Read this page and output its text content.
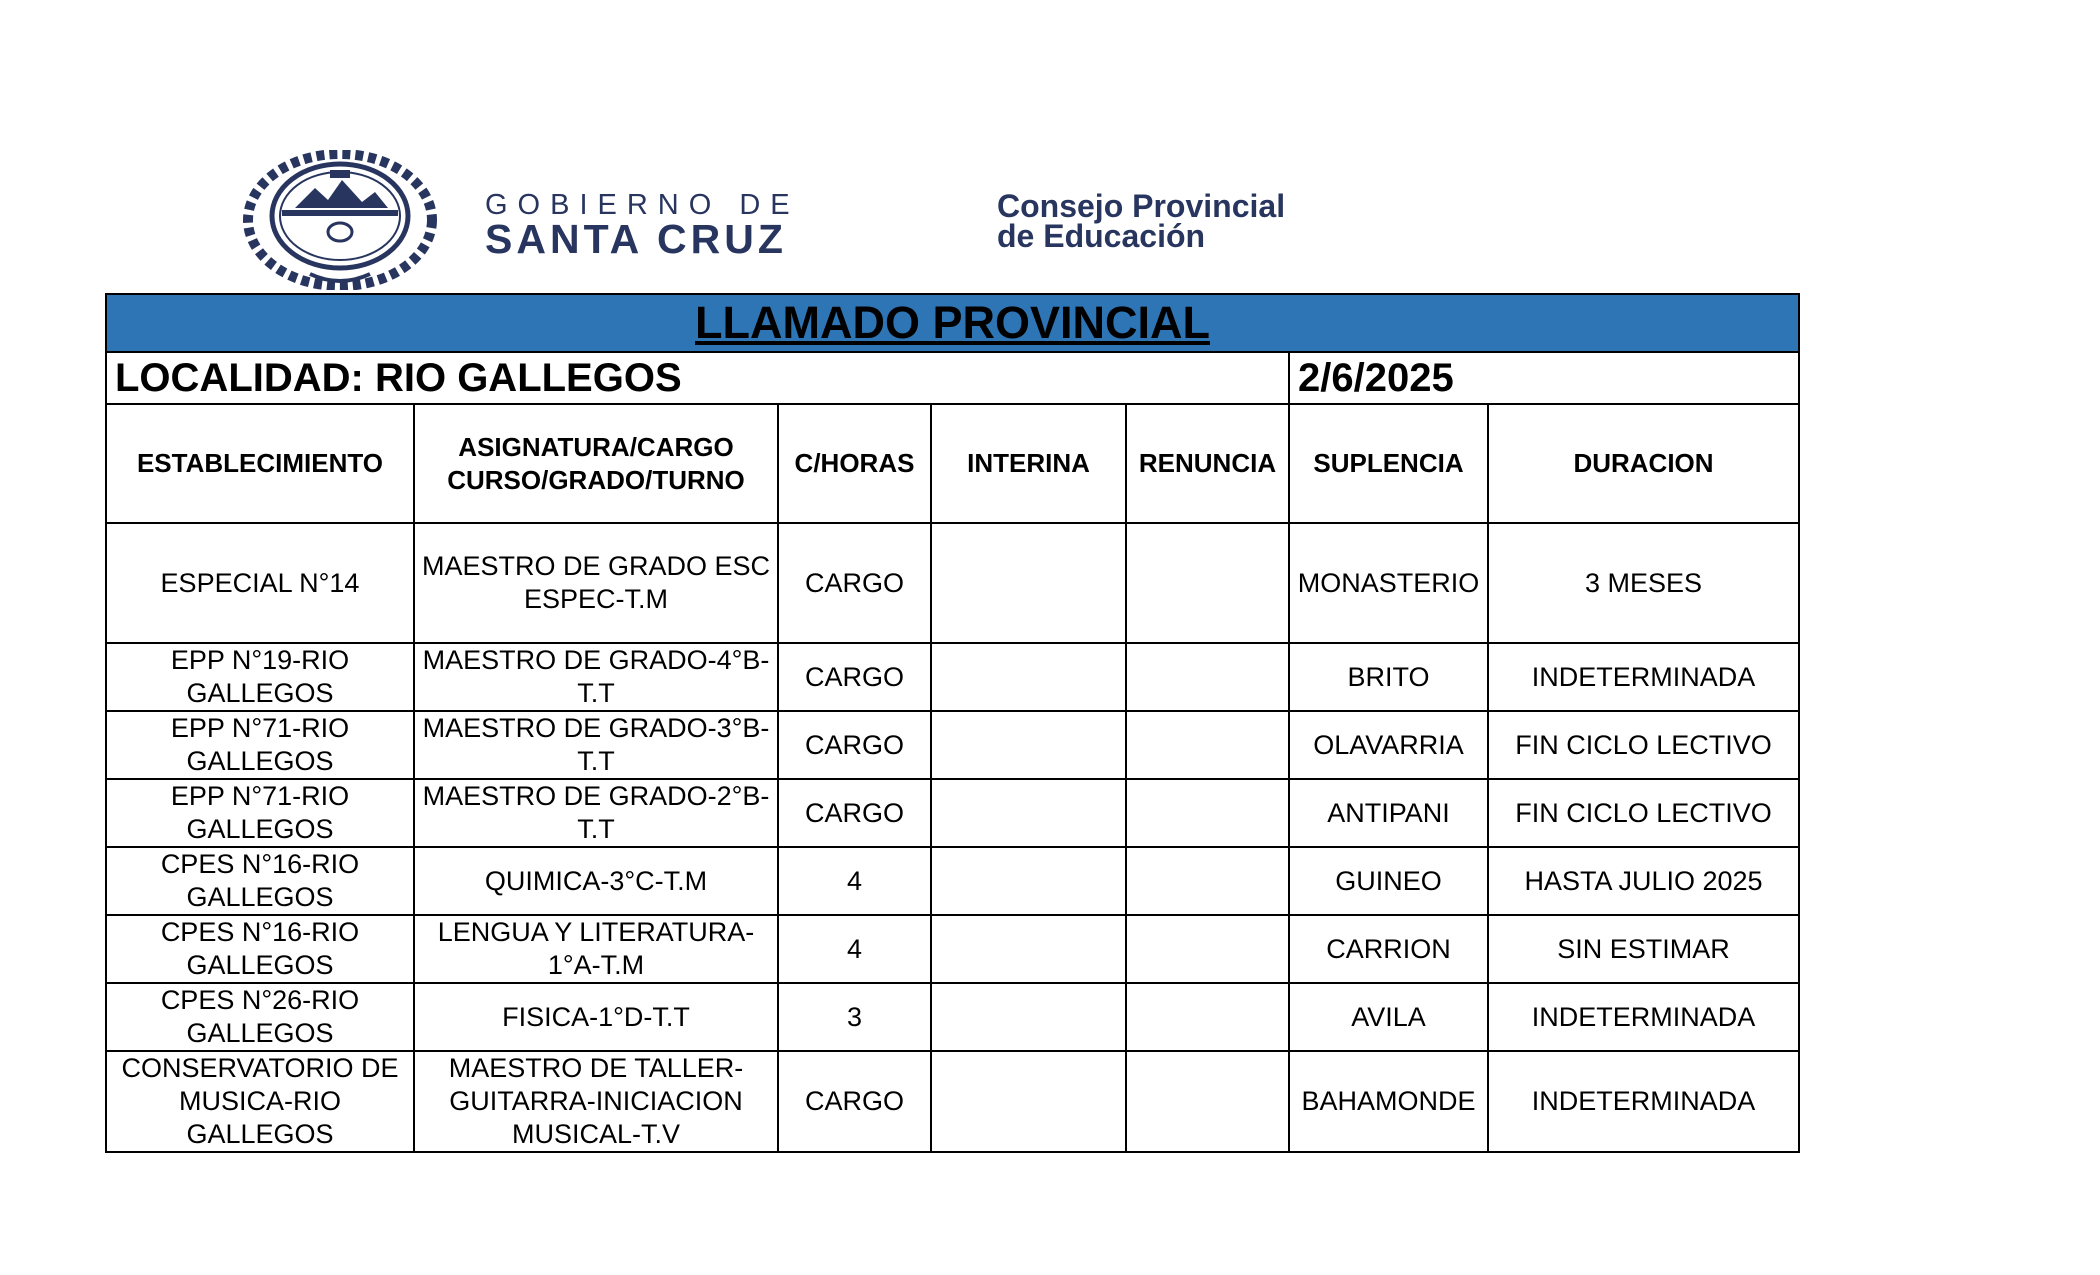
GOBIERNO DE
SANTA CRUZ
Consejo Provincial
de Educación
LLAMADO PROVINCIAL						
LOCALIDAD: RIO GALLEGOS					2/6/2025	
ESTABLECIMIENTO	ASIGNATURA/CARGO CURSO/GRADO/TURNO	C/HORAS	INTERINA	RENUNCIA	SUPLENCIA	DURACION
ESPECIAL N°14	MAESTRO DE GRADO ESC ESPEC-T.M	CARGO			MONASTERIO	3 MESES
EPP N°19-RIO GALLEGOS	MAESTRO DE GRADO-4°B-T.T	CARGO			BRITO	INDETERMINADA
EPP N°71-RIO GALLEGOS	MAESTRO DE GRADO-3°B-T.T	CARGO			OLAVARRIA	FIN CICLO LECTIVO
EPP N°71-RIO GALLEGOS	MAESTRO DE GRADO-2°B-T.T	CARGO			ANTIPANI	FIN CICLO LECTIVO
CPES N°16-RIO GALLEGOS	QUIMICA-3°C-T.M	4			GUINEO	HASTA JULIO 2025
CPES N°16-RIO GALLEGOS	LENGUA Y LITERATURA-1°A-T.M	4			CARRION	SIN ESTIMAR
CPES N°26-RIO GALLEGOS	FISICA-1°D-T.T	3			AVILA	INDETERMINADA
CONSERVATORIO DE MUSICA-RIO GALLEGOS	MAESTRO DE TALLER-GUITARRA-INICIACION MUSICAL-T.V	CARGO			BAHAMONDE	INDETERMINADA
